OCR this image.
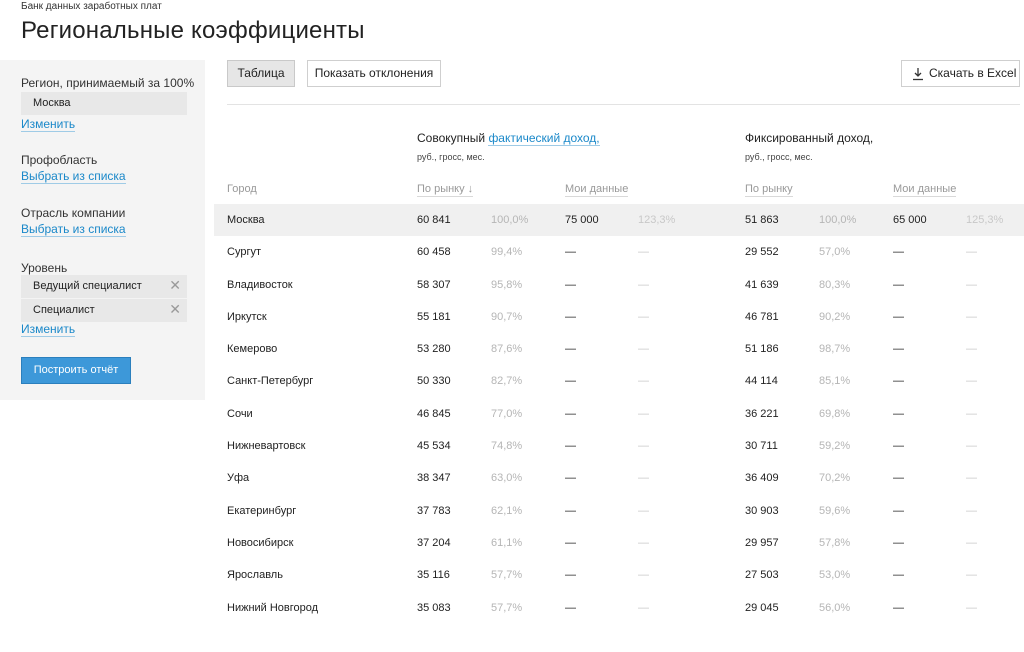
Банк данных заработных плат
Региональные коэффициенты
Регион, принимаемый за 100%
Москва
Изменить
Профобласть
Выбрать из списка
Отрасль компании
Выбрать из списка
Уровень
Ведущий специалист ✕
Специалист	✕
Изменить
Построить отчёт
Таблица	Показать отклонения	Скачать в Excel
Совокупный фактический доход,
руб., гросс, мес.
Фиксированный доход,
руб., гросс, мес.
Город	По рынку ↓	Мои данные	По рынку	Мои данные
Москва	60 841	100,0%	75 000	123,3%	51 863	100,0%	65 000	125,3%
Сургут	60 458	99,4%	—	—	29 552	57,0%	—	—
Владивосток	58 307	95,8%	—	—	41 639	80,3%	—	—
Иркутск	55 181	90,7%	—	—	46 781	90,2%	—	—
Кемерово	53 280	87,6%	—	—	51 186	98,7%	—	—
Санкт-Петербург	50 330	82,7%	—	—	44 114	85,1%	—	—
Сочи	46 845	77,0%	—	—	36 221	69,8%	—	—
Нижневартовск	45 534	74,8%	—	—	30 711	59,2%	—	—
Уфа	38 347	63,0%	—	—	36 409	70,2%	—	—
Екатеринбург	37 783	62,1%	—	—	30 903	59,6%	—	—
Новосибирск	37 204	61,1%	—	—	29 957	57,8%	—	—
Ярославль	35 116	57,7%	—	—	27 503	53,0%	—	—
Нижний Новгород	35 083	57,7%	—	—	29 045	56,0%	—	—
